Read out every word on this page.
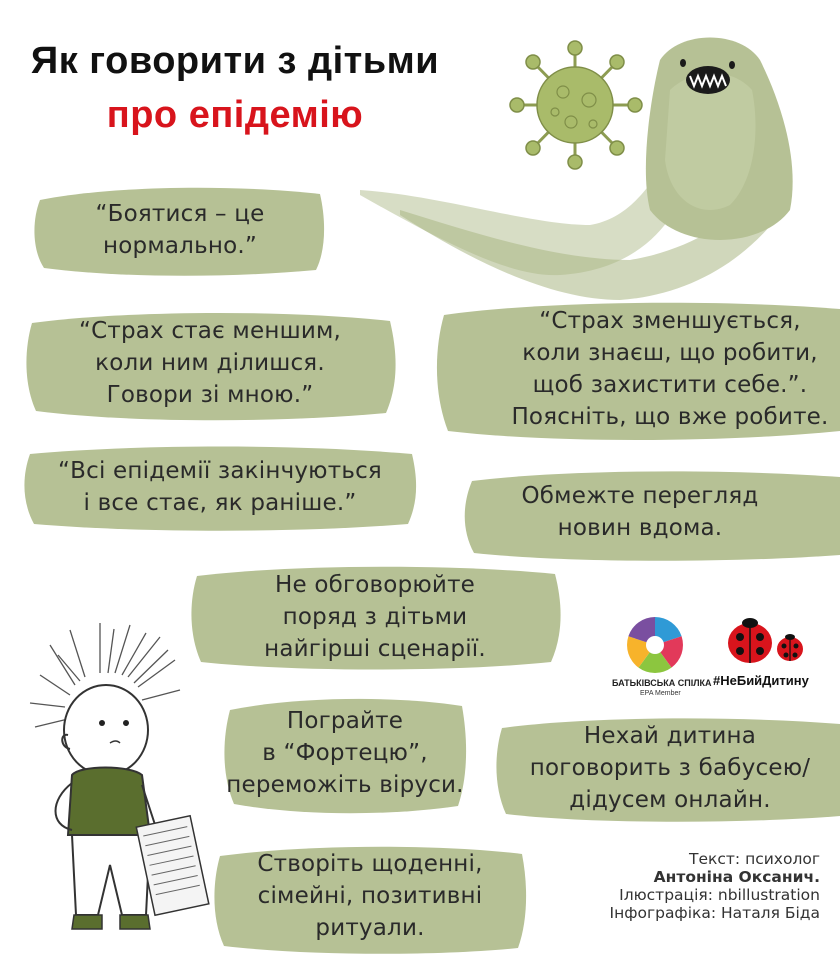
Як говорити з дітьми
про епідемію
“Боятися – це
нормально.”
“Страх стає меншим,
коли ним ділишся.
Говори зі мною.”
“Страх зменшується,
коли знаєш, що робити,
щоб захистити себе.”.
Поясніть, що вже робите.
“Всі епідемії закінчуються
і все стає, як раніше.”	Обмежте перегляд
новин вдома.
Не обговорюйте
поряд з дітьми
найгірші сценарії.
БАТЬКІВСЬКА СПІЛКА
EPA Member
#НеБийДитину
Пограйте
в “Фортецю”,
переможіть віруси.
Нехай дитина
поговорить з бабусею/
дідусем онлайн.
Створіть щоденні,
сімейні, позитивні
ритуали.
Текст: психолог
Антоніна Оксанич.
Ілюстрація: nbillustration
Інфографіка: Наталя Біда
